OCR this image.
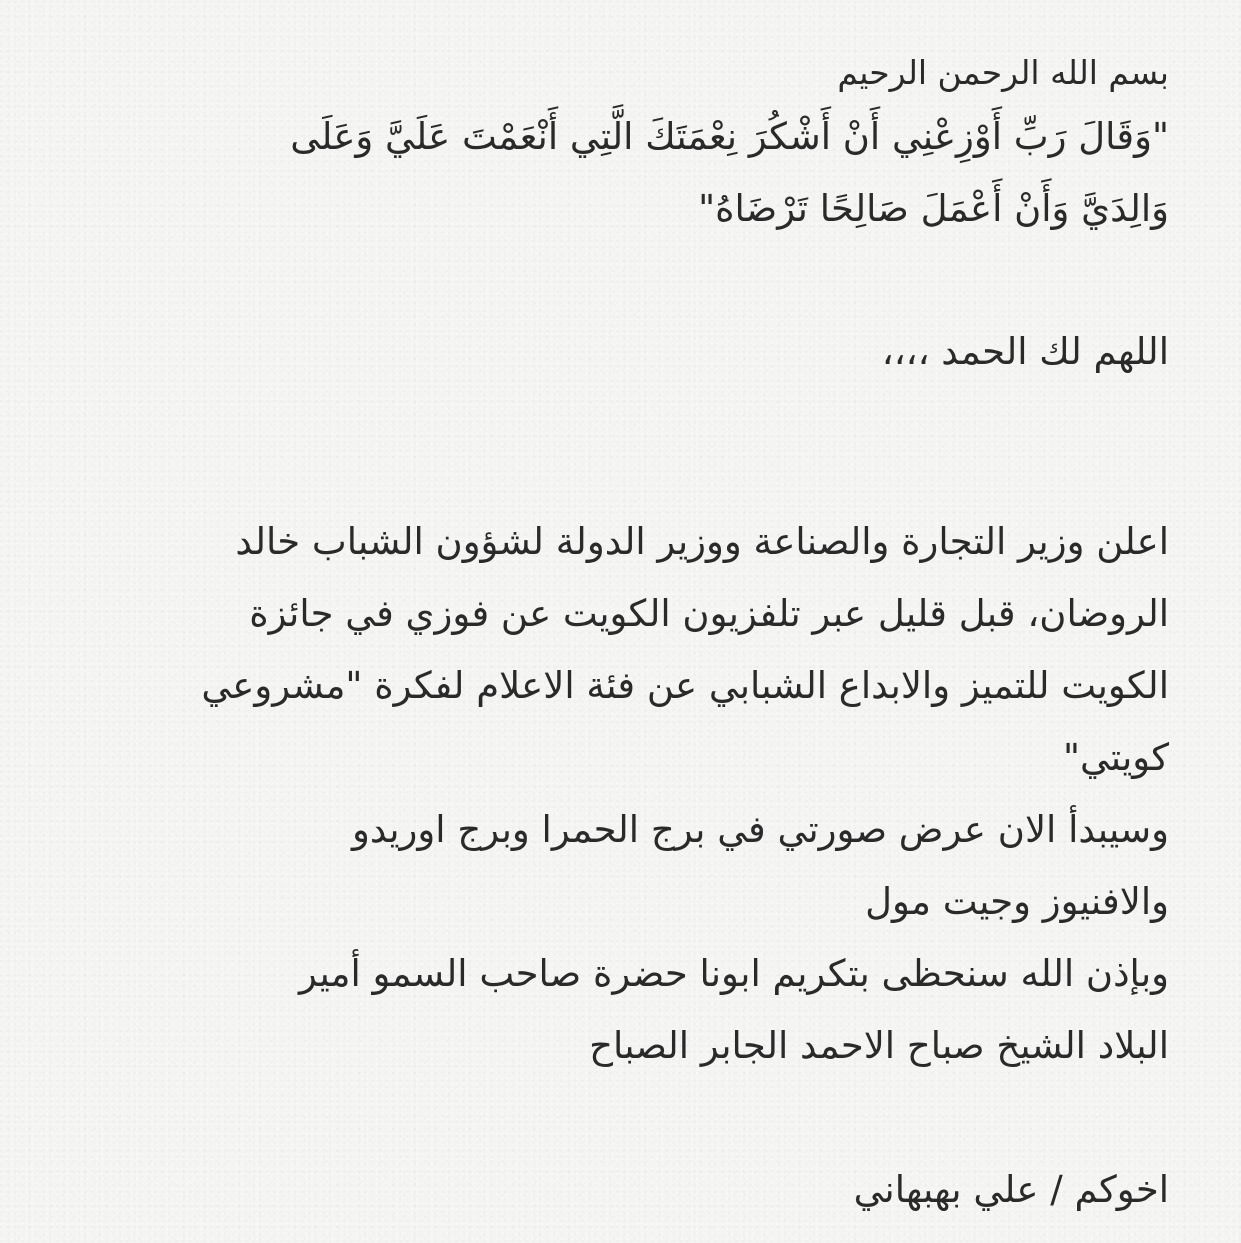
بسم الله الرحمن الرحيم
"وَقَالَ رَبِّ أَوْزِعْنِي أَنْ أَشْكُرَ نِعْمَتَكَ الَّتِي أَنْعَمْتَ عَلَيَّ وَعَلَى
وَالِدَيَّ وَأَنْ أَعْمَلَ صَالِحًا تَرْضَاهُ"
اللهم لك الحمد ،،،،
اعلن وزير التجارة والصناعة ووزير الدولة لشؤون الشباب خالد
الروضان، قبل قليل عبر تلفزيون الكويت عن فوزي في جائزة
الكويت للتميز والابداع الشبابي عن فئة الاعلام لفكرة "مشروعي
كويتي"
وسيبدأ الان عرض صورتي في برج الحمرا وبرج اوريدو
والافنيوز وجيت مول
وبإذن الله سنحظى بتكريم ابونا حضرة صاحب السمو أمير
البلاد الشيخ صباح الاحمد الجابر الصباح
اخوكم / علي بهبهاني
